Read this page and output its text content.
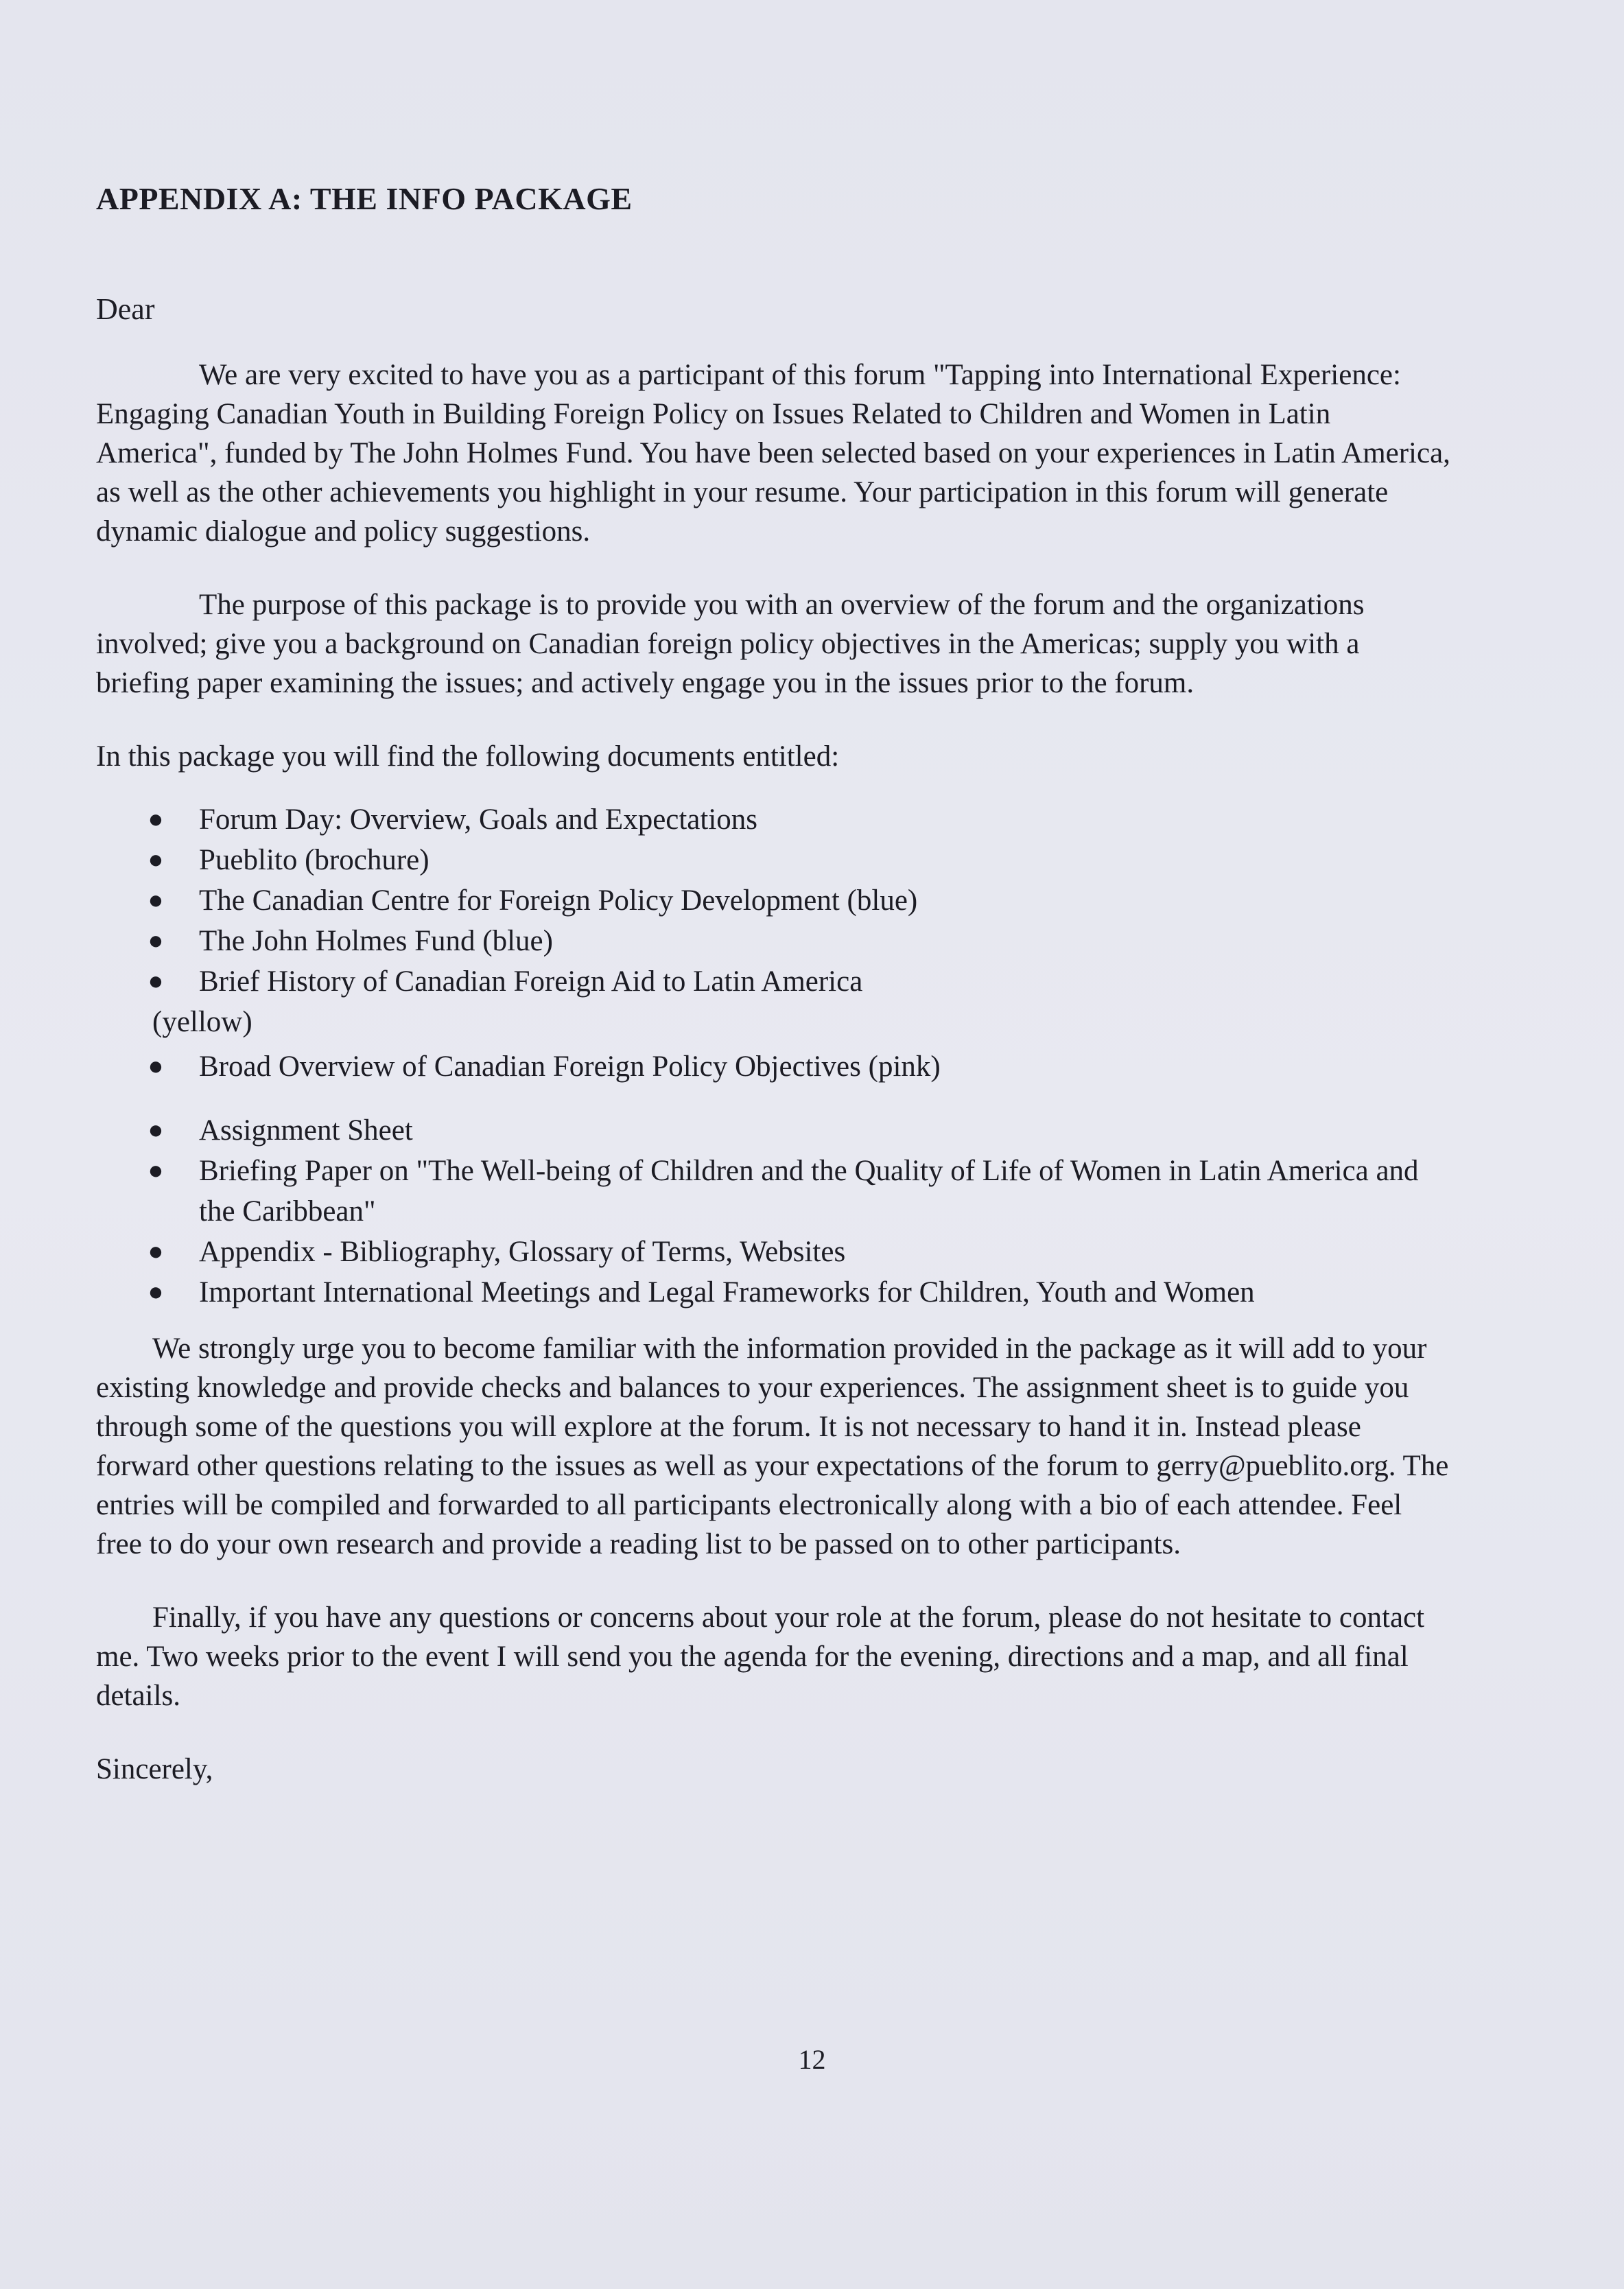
APPENDIX A: THE INFO PACKAGE
Dear

We are very excited to have you as a participant of this forum "Tapping into International Experience: Engaging Canadian Youth in Building Foreign Policy on Issues Related to Children and Women in Latin America", funded by The John Holmes Fund. You have been selected based on your experiences in Latin America, as well as the other achievements you highlight in your resume. Your participation in this forum will generate dynamic dialogue and policy suggestions.

The purpose of this package is to provide you with an overview of the forum and the organizations involved; give you a background on Canadian foreign policy objectives in the Americas; supply you with a briefing paper examining the issues; and actively engage you in the issues prior to the forum.

In this package you will find the following documents entitled:

● Forum Day: Overview, Goals and Expectations
● Pueblito (brochure)
● The Canadian Centre for Foreign Policy Development (blue)
● The John Holmes Fund (blue)
● Brief History of Canadian Foreign Aid to Latin America
(yellow)
● Broad Overview of Canadian Foreign Policy Objectives (pink)
● Assignment Sheet
● Briefing Paper on "The Well-being of Children and the Quality of Life of Women in Latin America and the Caribbean"
● Appendix - Bibliography, Glossary of Terms, Websites
● Important International Meetings and Legal Frameworks for Children, Youth and Women

We strongly urge you to become familiar with the information provided in the package as it will add to your existing knowledge and provide checks and balances to your experiences. The assignment sheet is to guide you through some of the questions you will explore at the forum. It is not necessary to hand it in. Instead please forward other questions relating to the issues as well as your expectations of the forum to gerry@pueblito.org. The entries will be compiled and forwarded to all participants electronically along with a bio of each attendee. Feel free to do your own research and provide a reading list to be passed on to other participants.

Finally, if you have any questions or concerns about your role at the forum, please do not hesitate to contact me. Two weeks prior to the event I will send you the agenda for the evening, directions and a map, and all final details.

Sincerely,

12
